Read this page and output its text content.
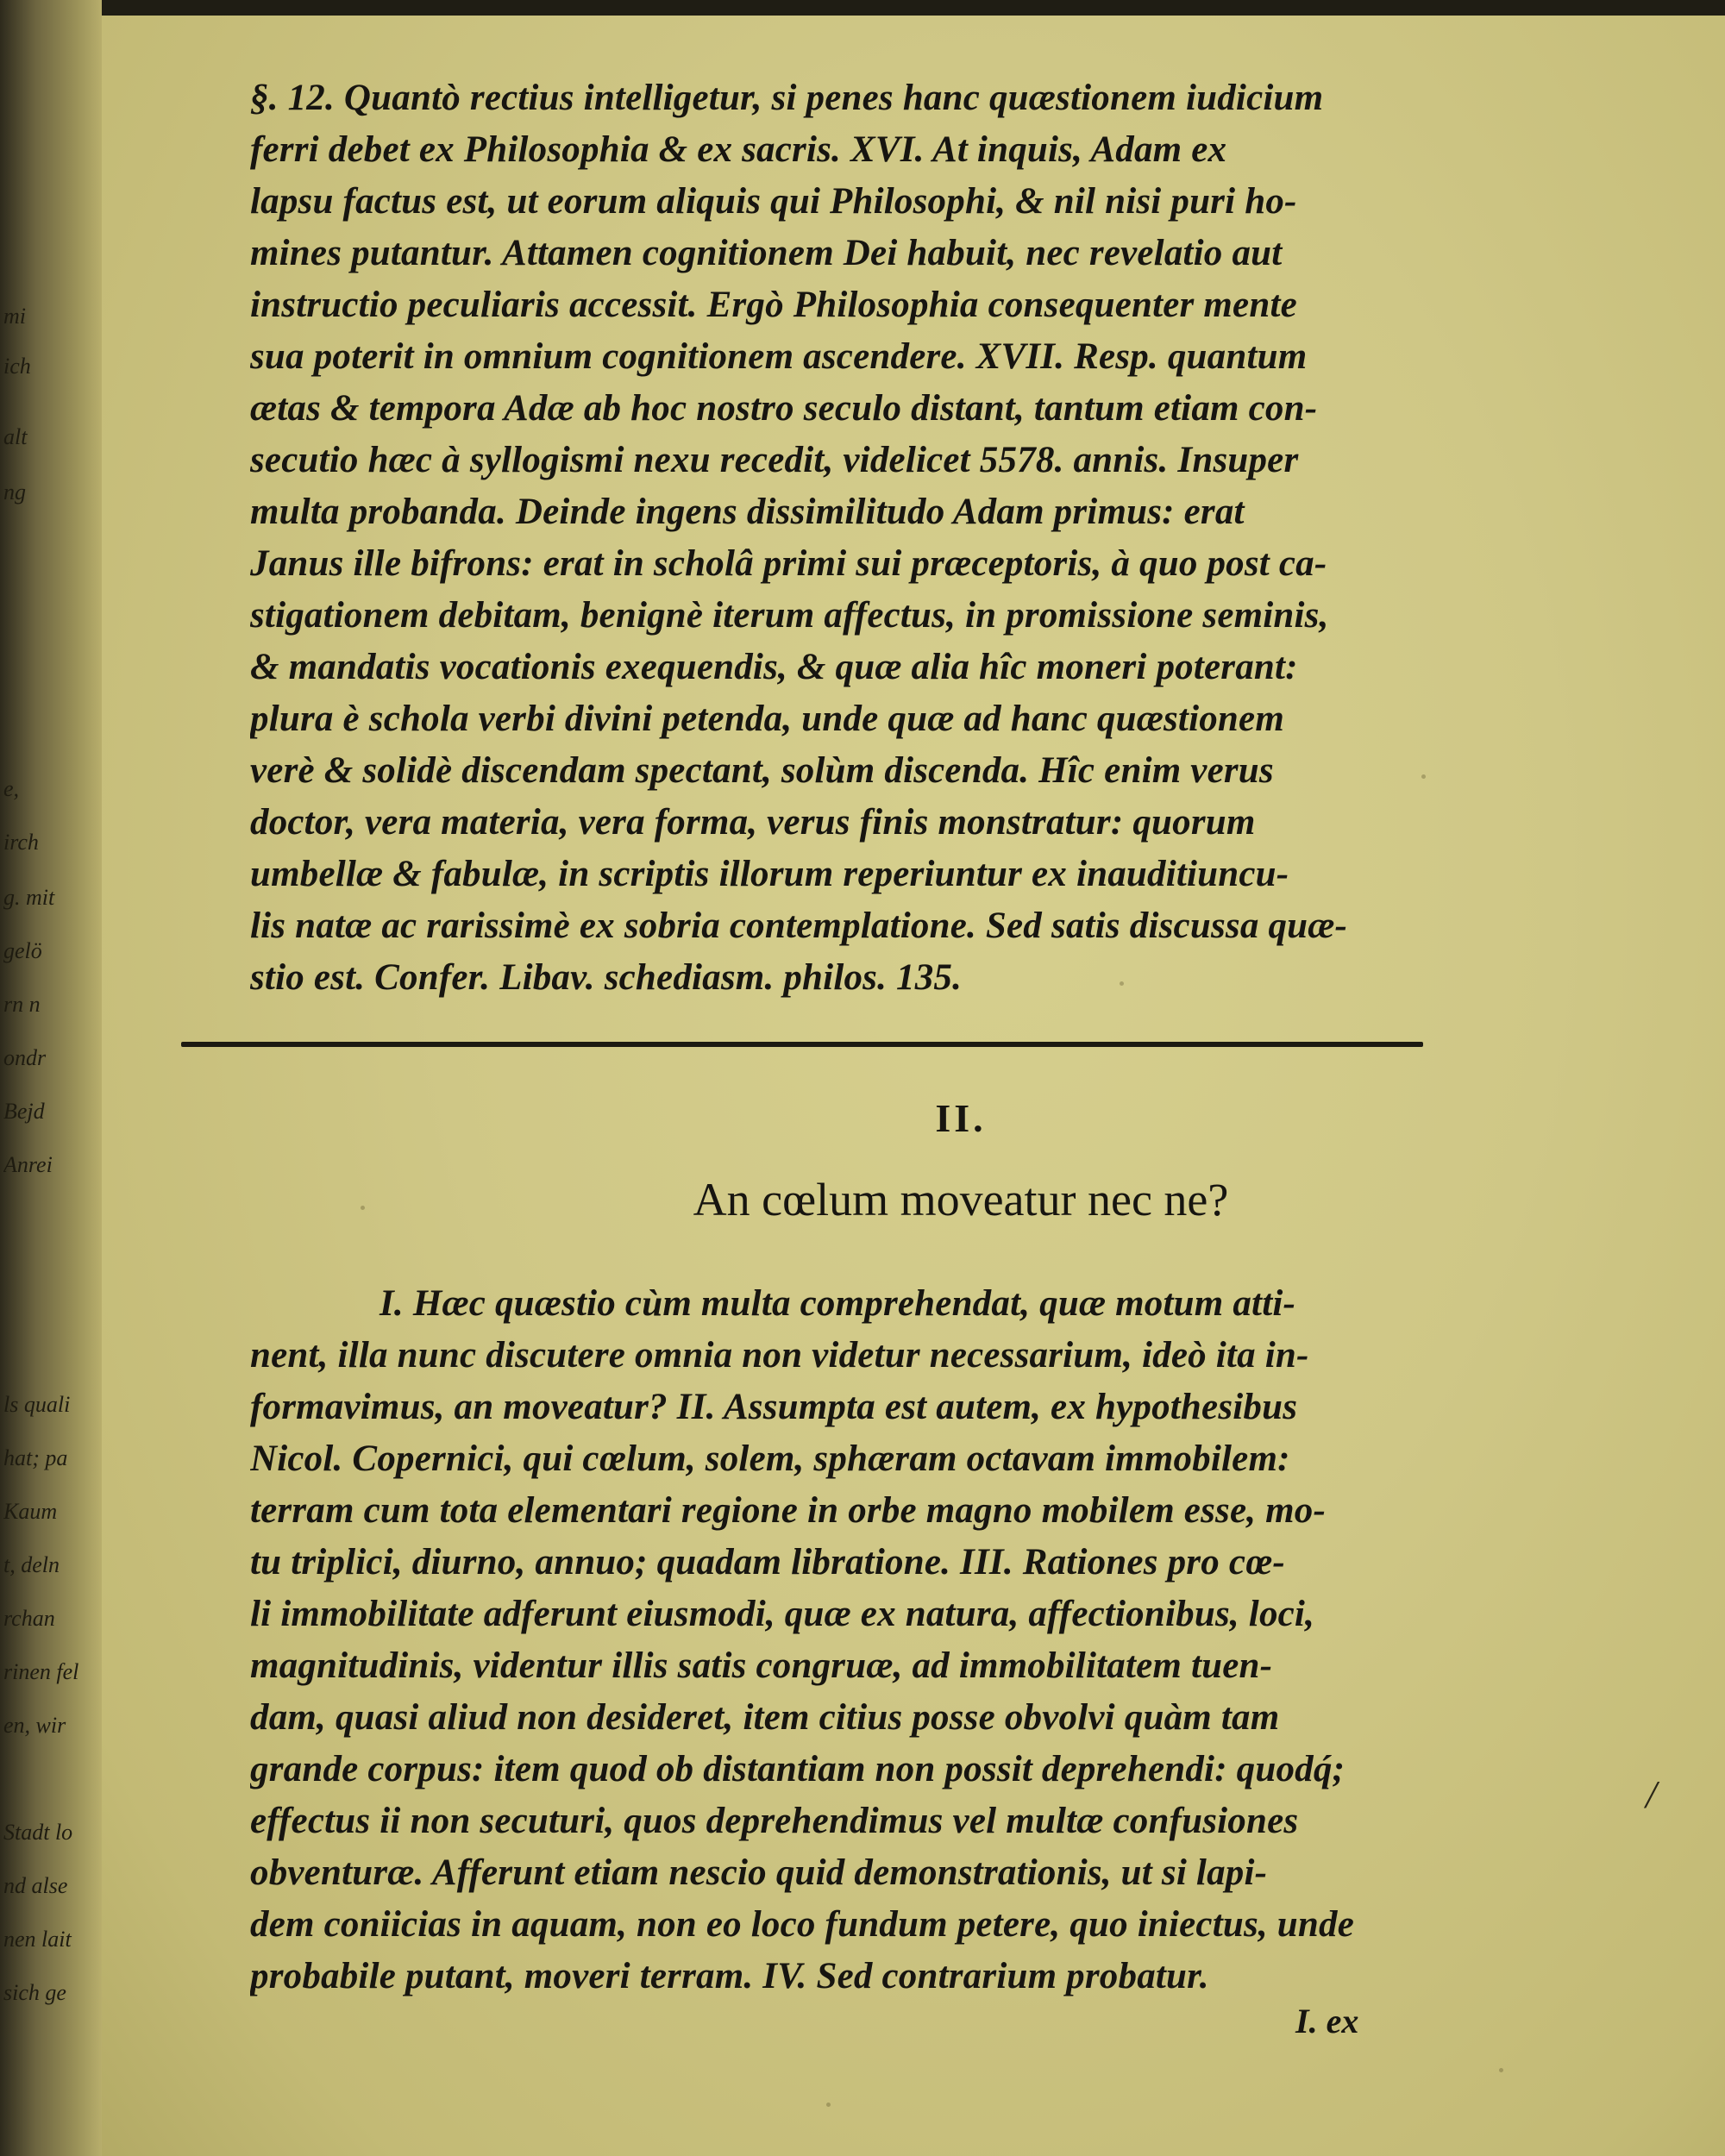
mi
ich
alt
ng
e,
irch
g. mit
gelö
rn n
ondr
Bejd
Anrei
ls quali
hat; pa
Kaum
t, deln
rchan
rinen fel
en, wir
Stadt lo
nd alse
nen lait
sich ge
§. 12. Quantò rectius intelligetur, si penes hanc quæstionem iudicium
ferri debet ex Philosophia & ex sacris. XVI. At inquis, Adam ex
lapsu factus est, ut eorum aliquis qui Philosophi, & nil nisi puri ho-
mines putantur. Attamen cognitionem Dei habuit, nec revelatio aut
instructio peculiaris accessit. Ergò Philosophia consequenter mente
sua poterit in omnium cognitionem ascendere. XVII. Resp. quantum
ætas & tempora Adæ ab hoc nostro seculo distant, tantum etiam con-
secutio hæc à syllogismi nexu recedit, videlicet 5578. annis. Insuper
multa probanda. Deinde ingens dissimilitudo Adam primus: erat
Janus ille bifrons: erat in scholâ primi sui præceptoris, à quo post ca-
stigationem debitam, benignè iterum affectus, in promissione seminis,
& mandatis vocationis exequendis, & quæ alia hîc moneri poterant:
plura è schola verbi divini petenda, unde quæ ad hanc quæstionem
verè & solidè discendam spectant, solùm discenda. Hîc enim verus
doctor, vera materia, vera forma, verus finis monstratur: quorum
umbellæ & fabulæ, in scriptis illorum reperiuntur ex inauditiuncu-
lis natæ ac rarissimè ex sobria contemplatione. Sed satis discussa quæ-
stio est. Confer. Libav. schediasm. philos. 135.
II.
An cœlum moveatur nec ne?
I. Hæc quæstio cùm multa comprehendat, quæ motum atti-
nent, illa nunc discutere omnia non videtur necessarium, ideò ita in-
formavimus, an moveatur? II. Assumpta est autem, ex hypothesibus
Nicol. Copernici, qui cœlum, solem, sphæram octavam immobilem:
terram cum tota elementari regione in orbe magno mobilem esse, mo-
tu triplici, diurno, annuo; quadam libratione. III. Rationes pro cœ-
li immobilitate adferunt eiusmodi, quæ ex natura, affectionibus, loci,
magnitudinis, videntur illis satis congruæ, ad immobilitatem tuen-
dam, quasi aliud non desideret, item citius posse obvolvi quàm tam
grande corpus: item quod ob distantiam non possit deprehendi: quodq́;
effectus ii non secuturi, quos deprehendimus vel multæ confusiones
obventuræ. Afferunt etiam nescio quid demonstrationis, ut si lapi-
dem coniicias in aquam, non eo loco fundum petere, quo iniectus, unde
probabile putant, moveri terram. IV. Sed contrarium probatur.
/
I. ex
